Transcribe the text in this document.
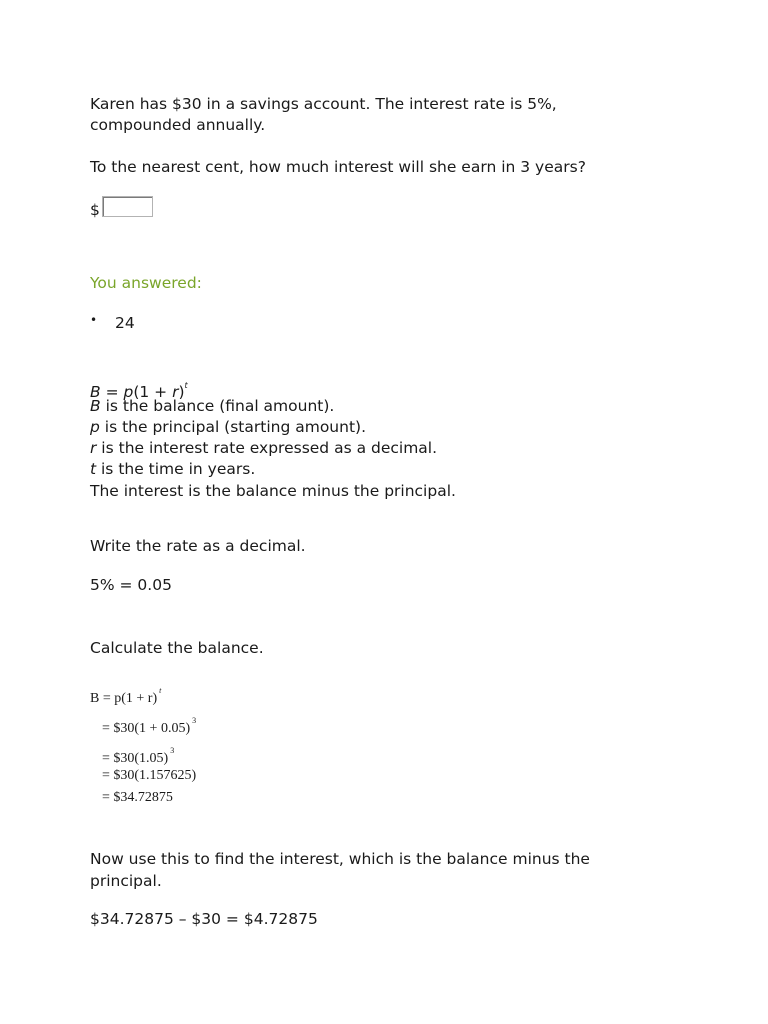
Karen has $30 in a savings account. The interest rate is 5%,
compounded annually.
To the nearest cent, how much interest will she earn in 3 years?
$
You answered:
• 24
$B = p(1 + r)^t$
B is the balance (final amount).
p is the principal (starting amount).
r is the interest rate expressed as a decimal.
t is the time in years.
The interest is the balance minus the principal.
Write the rate as a decimal.
5% = 0.05
Calculate the balance.
$B = p(1 + r)^t$
= $30(1 + 0.05)$^3$
= $\$30(1.05)^3$
= $30(1.157625)
= $34.72875
Now use this to find the interest, which is the balance minus the
principal.
$34.72875 – $30 = $4.72875
